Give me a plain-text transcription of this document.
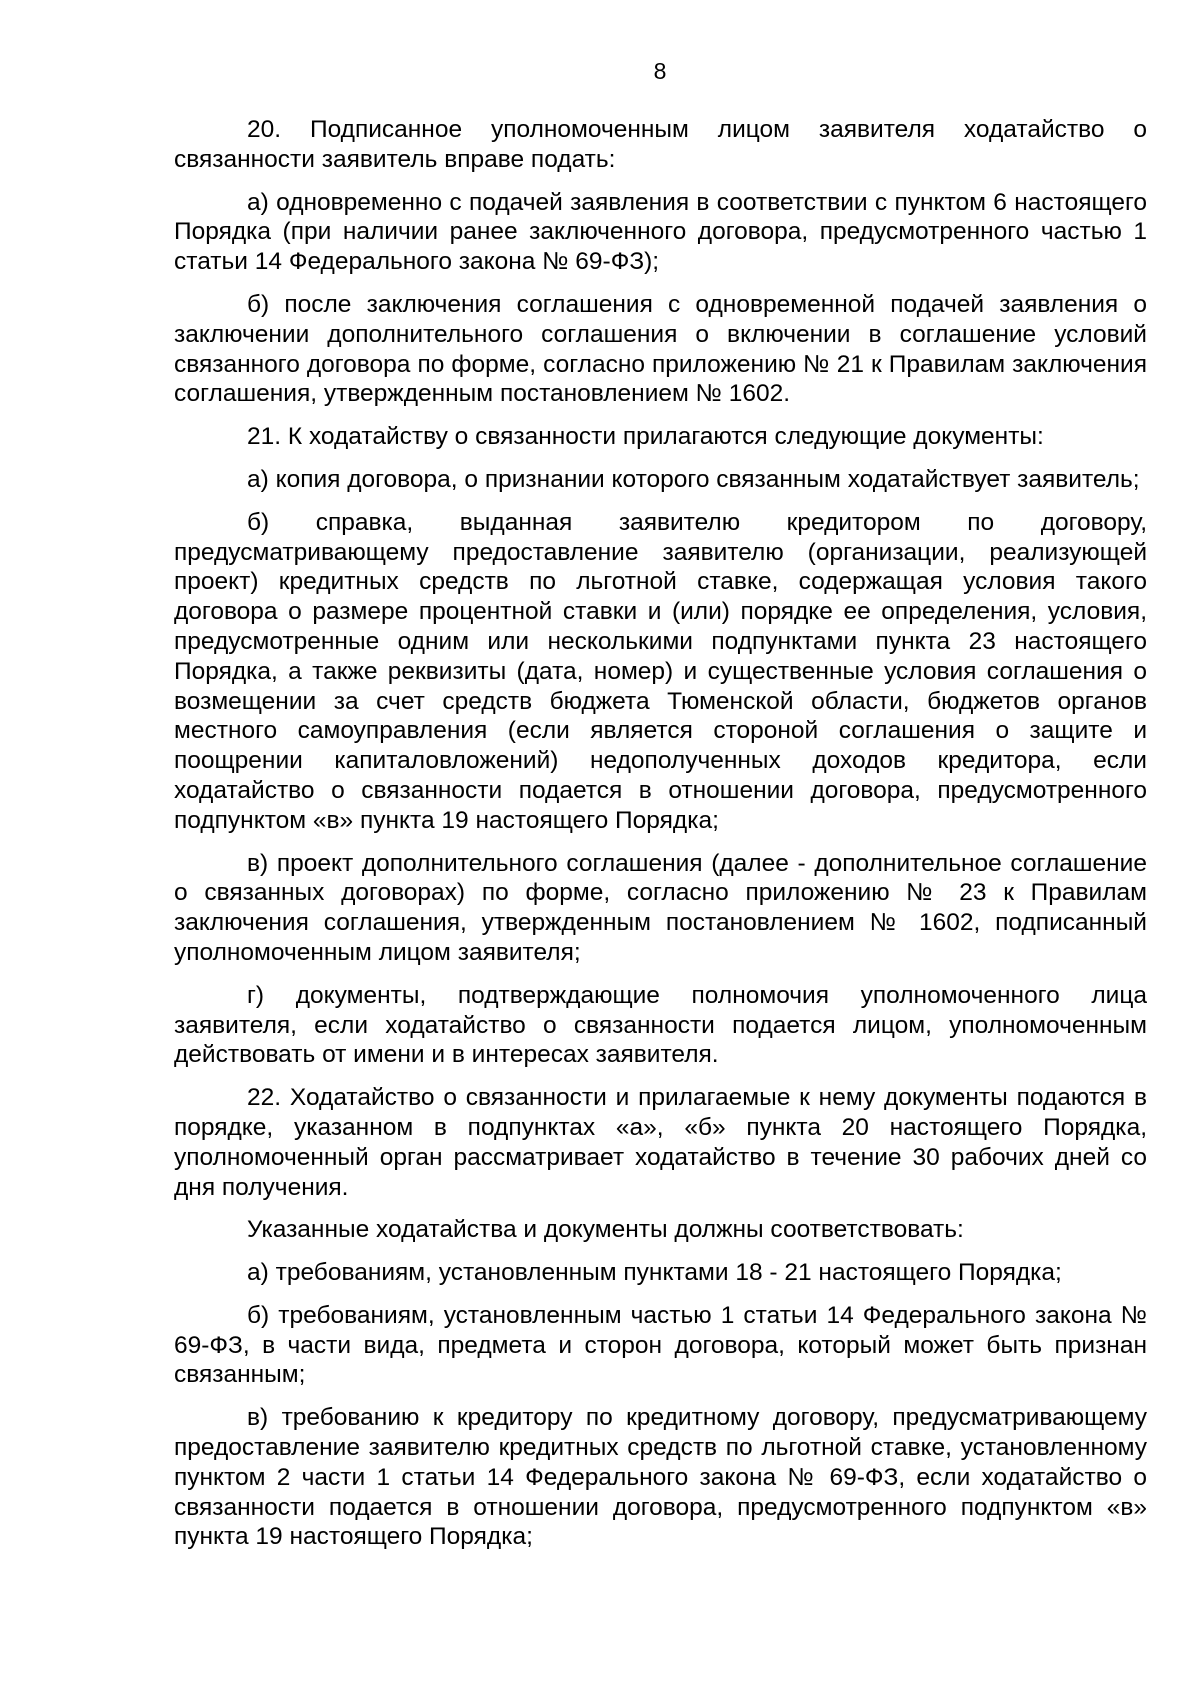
8

20. Подписанное уполномоченным лицом заявителя ходатайство о связанности заявитель вправе подать:

а) одновременно с подачей заявления в соответствии с пунктом 6 настоящего Порядка (при наличии ранее заключенного договора, предусмотренного частью 1 статьи 14 Федерального закона № 69-ФЗ);

б) после заключения соглашения с одновременной подачей заявления о заключении дополнительного соглашения о включении в соглашение условий связанного договора по форме, согласно приложению № 21 к Правилам заключения соглашения, утвержденным постановлением № 1602.

21. К ходатайству о связанности прилагаются следующие документы:

а) копия договора, о признании которого связанным ходатайствует заявитель;

б) справка, выданная заявителю кредитором по договору, предусматривающему предоставление заявителю (организации, реализующей проект) кредитных средств по льготной ставке, содержащая условия такого договора о размере процентной ставки и (или) порядке ее определения, условия, предусмотренные одним или несколькими подпунктами пункта 23 настоящего Порядка, а также реквизиты (дата, номер) и существенные условия соглашения о возмещении за счет средств бюджета Тюменской области, бюджетов органов местного самоуправления (если является стороной соглашения о защите и поощрении капиталовложений) недополученных доходов кредитора, если ходатайство о связанности подается в отношении договора, предусмотренного подпунктом «в» пункта 19 настоящего Порядка;

в) проект дополнительного соглашения (далее - дополнительное соглашение о связанных договорах) по форме, согласно приложению № 23 к Правилам заключения соглашения, утвержденным постановлением № 1602, подписанный уполномоченным лицом заявителя;

г) документы, подтверждающие полномочия уполномоченного лица заявителя, если ходатайство о связанности подается лицом, уполномоченным действовать от имени и в интересах заявителя.

22. Ходатайство о связанности и прилагаемые к нему документы подаются в порядке, указанном в подпунктах «а», «б» пункта 20 настоящего Порядка, уполномоченный орган рассматривает ходатайство в течение 30 рабочих дней со дня получения.

Указанные ходатайства и документы должны соответствовать:

а) требованиям, установленным пунктами 18 - 21 настоящего Порядка;

б) требованиям, установленным частью 1 статьи 14 Федерального закона № 69-ФЗ, в части вида, предмета и сторон договора, который может быть признан связанным;

в) требованию к кредитору по кредитному договору, предусматривающему предоставление заявителю кредитных средств по льготной ставке, установленному пунктом 2 части 1 статьи 14 Федерального закона № 69-ФЗ, если ходатайство о связанности подается в отношении договора, предусмотренного подпунктом «в» пункта 19 настоящего Порядка;
